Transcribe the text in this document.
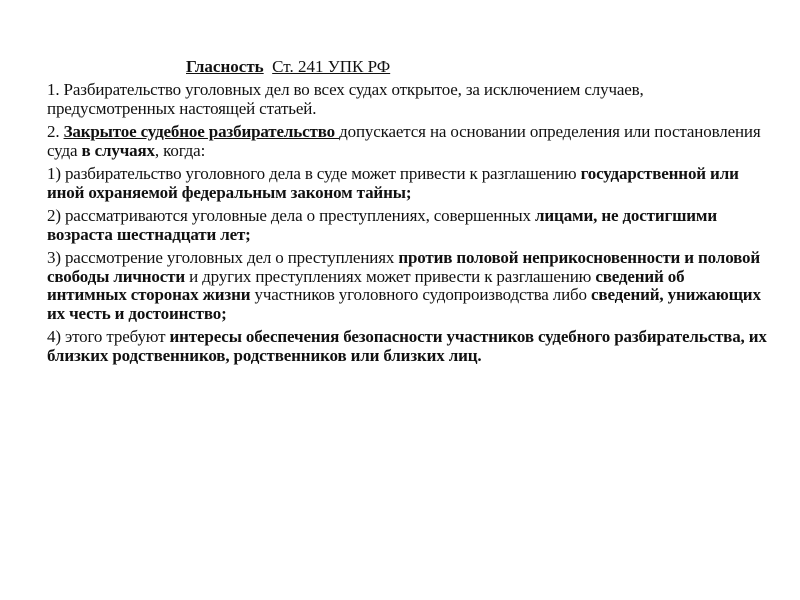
Гласность Ст. 241 УПК РФ

1. Разбирательство уголовных дел во всех судах открытое, за исключением случаев, предусмотренных настоящей статьей.

2. Закрытое судебное разбирательство допускается на основании определения или постановления суда в случаях, когда:

1) разбирательство уголовного дела в суде может привести к разглашению государственной или иной охраняемой федеральным законом тайны;

2) рассматриваются уголовные дела о преступлениях, совершенных лицами, не достигшими возраста шестнадцати лет;

3) рассмотрение уголовных дел о преступлениях против половой неприкосновенности и половой свободы личности и других преступлениях может привести к разглашению сведений об интимных сторонах жизни участников уголовного судопроизводства либо сведений, унижающих их честь и достоинство;

4) этого требуют интересы обеспечения безопасности участников судебного разбирательства, их близких родственников, родственников или близких лиц.
